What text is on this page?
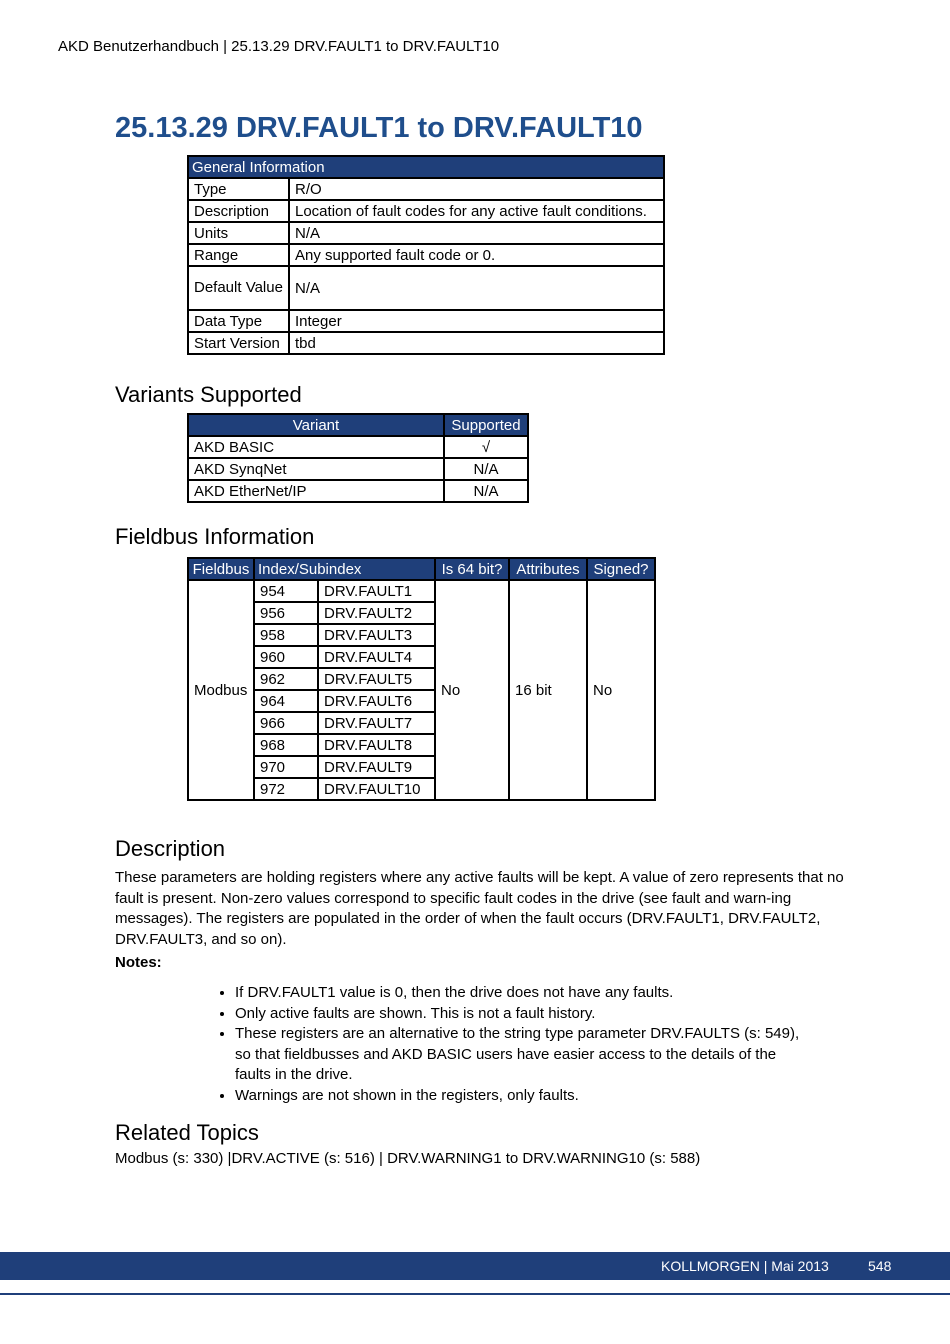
AKD Benutzerhandbuch | 25.13.29 DRV.FAULT1 to DRV.FAULT10
25.13.29 DRV.FAULT1 to DRV.FAULT10
General Information	
Type	R/O
Description	Location of fault codes for any active fault conditions.
Units	N/A
Range	Any supported fault code or 0.
Default Value	N/A
Data Type	Integer
Start Version	tbd
Variants Supported
Variant	Supported
AKD BASIC	√
AKD SynqNet	N/A
AKD EtherNet/IP	N/A
Fieldbus Information
Fieldbus	Index/Subindex		Is 64 bit?	Attributes	Signed?
Modbus	954	DRV.FAULT1	No	16 bit	No
	956	DRV.FAULT2			
	958	DRV.FAULT3			
	960	DRV.FAULT4			
	962	DRV.FAULT5			
	964	DRV.FAULT6			
	966	DRV.FAULT7			
	968	DRV.FAULT8			
	970	DRV.FAULT9			
	972	DRV.FAULT10			
Description

These parameters are holding registers where any active faults will be kept. A value of zero represents that no fault is present. Non-zero values correspond to specific fault codes in the drive (see fault and warn-ing messages). The registers are populated in the order of when the fault occurs (DRV.FAULT1, DRV.FAULT2, DRV.FAULT3, and so on).

Notes:

• If DRV.FAULT1 value is 0, then the drive does not have any faults.
• Only active faults are shown. This is not a fault history.
• These registers are an alternative to the string type parameter DRV.FAULTS (s: 549), so that fieldbusses and AKD BASIC users have easier access to the details of the faults in the drive.
• Warnings are not shown in the registers, only faults.
Related Topics

Modbus (s: 330) |DRV.ACTIVE (s: 516) | DRV.WARNING1 to DRV.WARNING10 (s: 588)

KOLLMORGEN | Mai 2013	548
